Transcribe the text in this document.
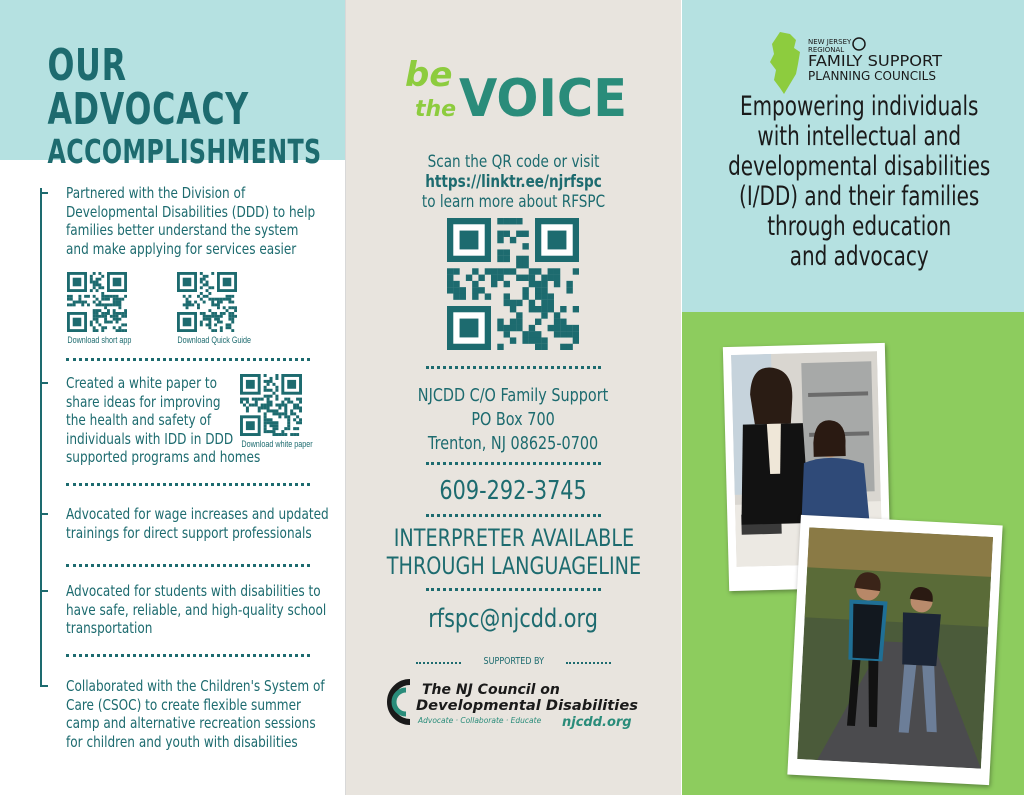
OUR ADVOCACY
ACCOMPLISHMENTS
Partnered with the Division of
Developmental Disabilities (DDD) to help
families better understand the system
and make applying for services easier
Download short app	Download Quick Guide
Created a white paper to
share ideas for improving
the health and safety of
individuals with IDD in DDD
supported programs and homes
Download white paper
Advocated for wage increases and updated
trainings for direct support professionals
Advocated for students with disabilities to
have safe, reliable, and high-quality school
transportation
Collaborated with the Children's System of
Care (CSOC) to create flexible summer
camp and alternative recreation sessions
for children and youth with disabilities
be
the VOICE
Scan the QR code or visit
https://linktr.ee/njrfspc
to learn more about RFSPC
NJCDD C/O Family Support
PO Box 700
Trenton, NJ 08625-0700
609-292-3745
INTERPRETER AVAILABLE
THROUGH LANGUAGELINE
rfspc@njcdd.org
SUPPORTED BY
The NJ Council on
Developmental Disabilities
Advocate · Collaborate · Educate njcdd.org
NEW JERSEY
REGIONAL
FAMILY SUPPORT
PLANNING COUNCILS
Empowering individuals
with intellectual and
developmental disabilities
(I/DD) and their families
through education
and advocacy
